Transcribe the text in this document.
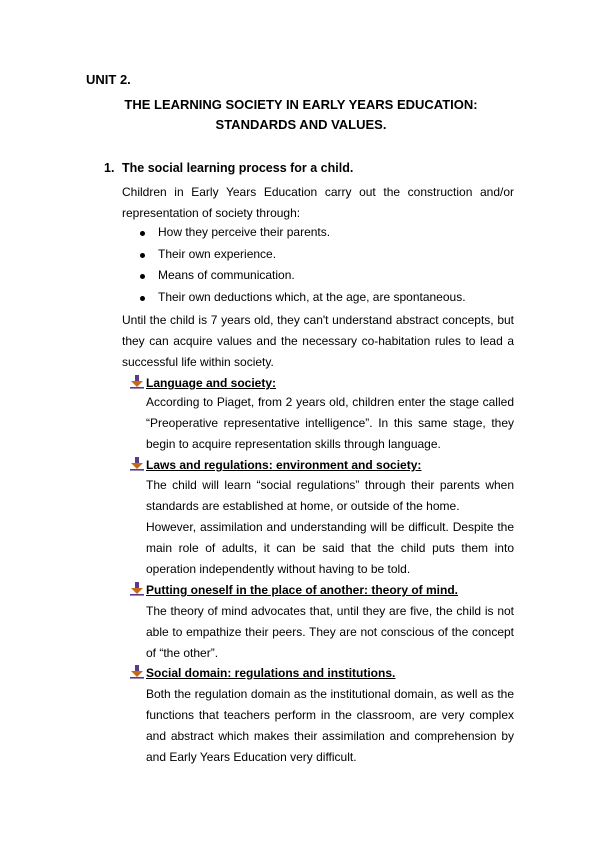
UNIT 2.

THE LEARNING SOCIETY IN EARLY YEARS EDUCATION:

STANDARDS AND VALUES.

1. The social learning process for a child.

Children in Early Years Education carry out the construction and/or representation of society through:

How they perceive their parents.
Their own experience.
Means of communication.
Their own deductions which, at the age, are spontaneous.

Until the child is 7 years old, they can't understand abstract concepts, but they can acquire values and the necessary co-habitation rules to lead a successful life within society.

Language and society:

According to Piaget, from 2 years old, children enter the stage called “Preoperative representative intelligence”. In this same stage, they begin to acquire representation skills through language.

Laws and regulations: environment and society:

The child will learn “social regulations” through their parents when standards are established at home, or outside of the home.

However, assimilation and understanding will be difficult. Despite the main role of adults, it can be said that the child puts them into operation independently without having to be told.

Putting oneself in the place of another: theory of mind.

The theory of mind advocates that, until they are five, the child is not able to empathize their peers. They are not conscious of the concept of “the other”.

Social domain: regulations and institutions.

Both the regulation domain as the institutional domain, as well as the functions that teachers perform in the classroom, are very complex and abstract which makes their assimilation and comprehension by and Early Years Education very difficult.
